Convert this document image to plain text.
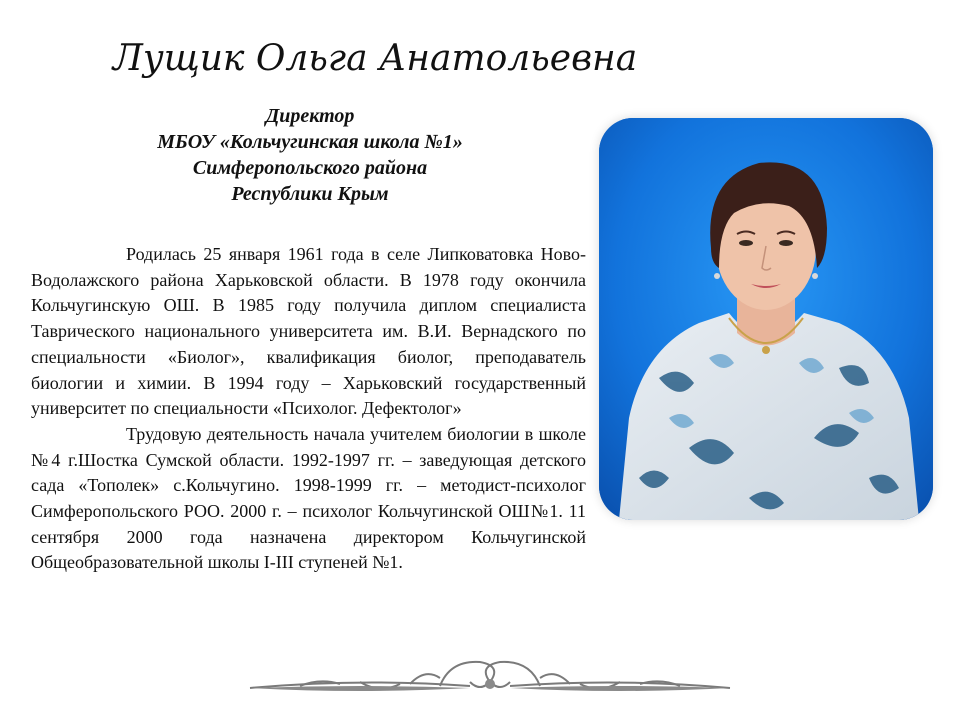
Лущик Ольга Анатольевна
Директор
МБОУ «Кольчугинская школа №1»
Симферопольского района
Республики Крым

Родилась 25 января 1961 года в селе Липковатовка Ново-Водолажского района Харьковской области. В 1978 году окончила Кольчугинскую ОШ. В 1985 году получила диплом специалиста Таврического национального университета им. В.И. Вернадского по специальности «Биолог», квалификация биолог, преподаватель биологии и химии. В 1994 году – Харьковский государственный университет по специальности «Психолог. Дефектолог»

Трудовую деятельность начала учителем биологии в школе №4 г.Шостка Сумской области. 1992-1997 гг. – заведующая детского сада «Тополек» с.Кольчугино. 1998-1999 гг. – методист-психолог Симферопольского РОО. 2000 г. – психолог Кольчугинской ОШ№1. 11 сентября 2000 года назначена директором Кольчугинской Общеобразовательной школы I-III ступеней №1.
